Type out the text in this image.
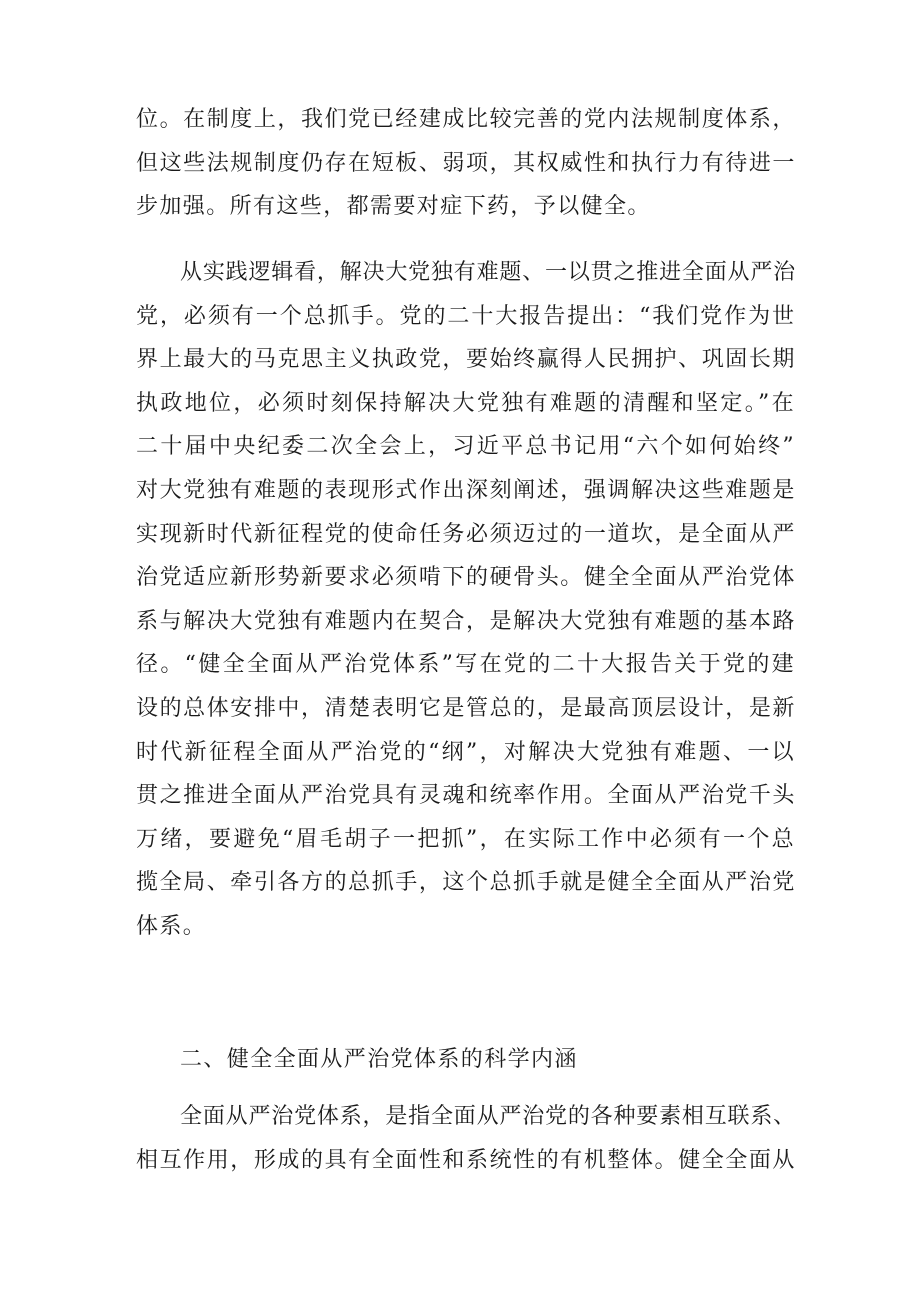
位。在制度上，我们党已经建成比较完善的党内法规制度体系，
但这些法规制度仍存在短板、弱项，其权威性和执行力有待进一
步加强。所有这些，都需要对症下药，予以健全。
从实践逻辑看，解决大党独有难题、一以贯之推进全面从严治
党，必须有一个总抓手。党的二十大报告提出：“我们党作为世
界上最大的马克思主义执政党，要始终赢得人民拥护、巩固长期
执政地位，必须时刻保持解决大党独有难题的清醒和坚定。”在
二十届中央纪委二次全会上，习近平总书记用“六个如何始终”
对大党独有难题的表现形式作出深刻阐述，强调解决这些难题是
实现新时代新征程党的使命任务必须迈过的一道坎，是全面从严
治党适应新形势新要求必须啃下的硬骨头。健全全面从严治党体
系与解决大党独有难题内在契合，是解决大党独有难题的基本路
径。“健全全面从严治党体系”写在党的二十大报告关于党的建
设的总体安排中，清楚表明它是管总的，是最高顶层设计，是新
时代新征程全面从严治党的“纲”，对解决大党独有难题、一以
贯之推进全面从严治党具有灵魂和统率作用。全面从严治党千头
万绪，要避免“眉毛胡子一把抓”，在实际工作中必须有一个总
揽全局、牵引各方的总抓手，这个总抓手就是健全全面从严治党
体系。
二、健全全面从严治党体系的科学内涵
全面从严治党体系，是指全面从严治党的各种要素相互联系、
相互作用，形成的具有全面性和系统性的有机整体。健全全面从
